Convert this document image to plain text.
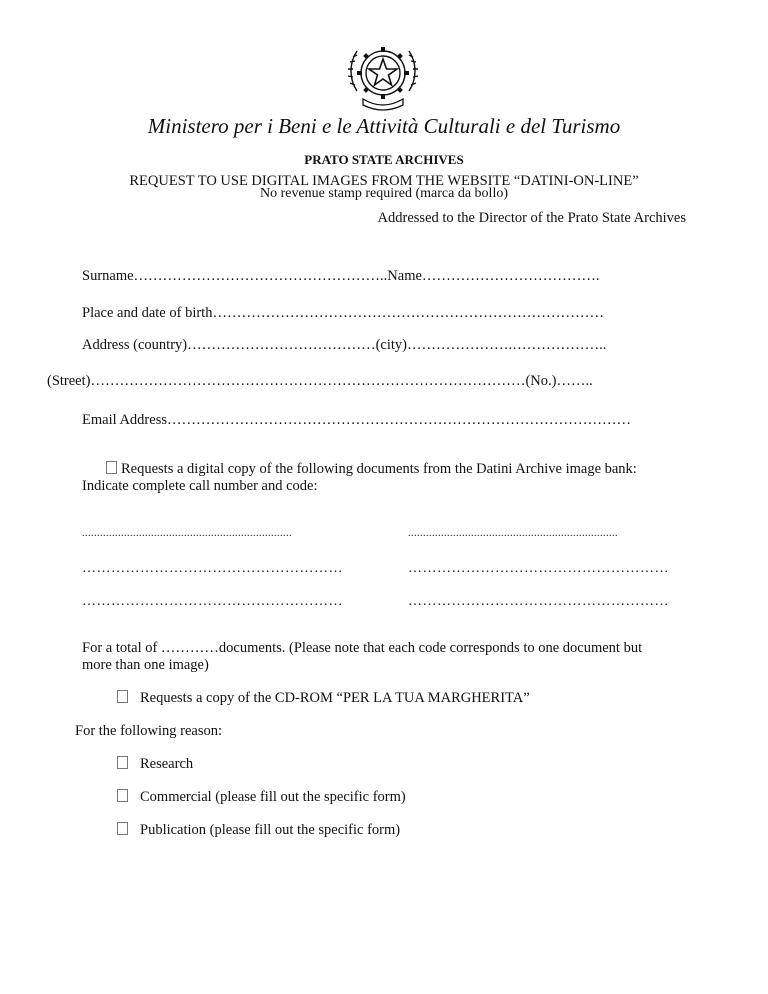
Ministero per i Beni e le Attività Culturali e del Turismo
PRATO STATE ARCHIVES
REQUEST TO USE DIGITAL IMAGES FROM THE WEBSITE “DATINI-ON-LINE”
No revenue stamp required (marca da bollo)
Addressed to the Director of the Prato State Archives
Surname……………………………………………..Name……………………………….
Place and date of birth………………………………………………………………………
Address (country)…………………………………(city)………………….………………..
(Street)………………………………………………………………………………(No.)……..
Email Address……………………………………………………………………………………
Requests a digital copy of the following documents from the Datini Archive image bank:
Indicate complete call number and code:
......................................................................	......................................................................
………………………………………………	………………………………………………
………………………………………………	………………………………………………
For a total of …………documents. (Please note that each code corresponds to one document but
more than one image)
Requests a copy of the CD-ROM “PER LA TUA MARGHERITA”
For the following reason:
Research
Commercial (please fill out the specific form)
Publication (please fill out the specific form)
